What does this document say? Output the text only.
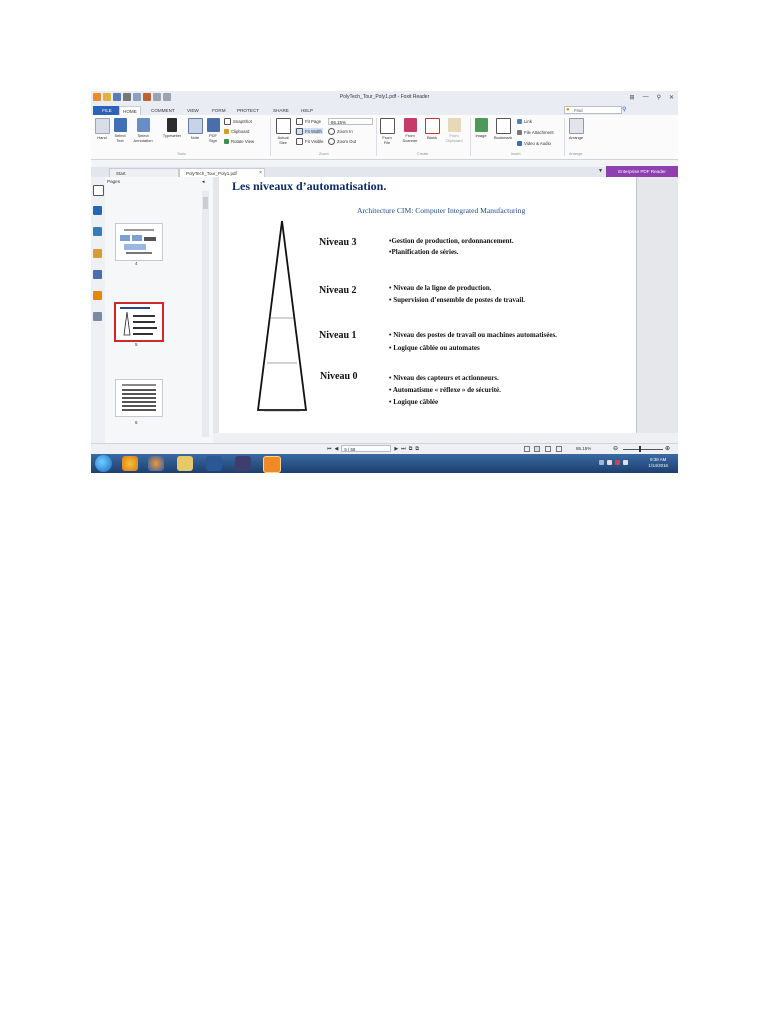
PolyTech_Tour_Poly1.pdf - Foxit Reader	⊞ — ⚲ ✕
FILE	HOME	COMMENT	VIEW	FORM	PROTECT	SHARE	HELP	● Find	⚲
Hand	Select Text
Select Annotation
Typewriter	Note	PDF Sign
SnapShot
Clipboard
Rotate View
Actual Size
Fit Page
Fit Width
Fit Visible
86.15%
Zoom In
Zoom Out
From File
From Scanner	Blank	From Clipboard
Image	Bookmark
Link
File Attachment
Video & Audio
Arrange
Tools	Zoom	Create	Insert	Arrange
Start	PolyTech_Tour_Poly1.pdf	×	▼	Enterprise PDF Reader
Pages	◂
4
5
6
Les niveaux d’automatisation.
Architecture CIM: Computer Integrated Manufacturing
Niveau 3	•Gestion de production, ordonnancement.
•Planification de séries.
Niveau 2	• Niveau de la ligne de production.
• Supervision d’ensemble de postes de travail.
Niveau 1	• Niveau des postes de travail ou machines automatisées.
• Logique câblée ou automates
Niveau 0	• Niveau des capteurs et actionneurs.
• Automatisme « réflexe » de sécurité.
• Logique câblée
⏮ ◀	5 / 58	▶ ⏭ ⧉ ⧉	86.15%	⊖	⊕
9:38 AM
1/14/2016
